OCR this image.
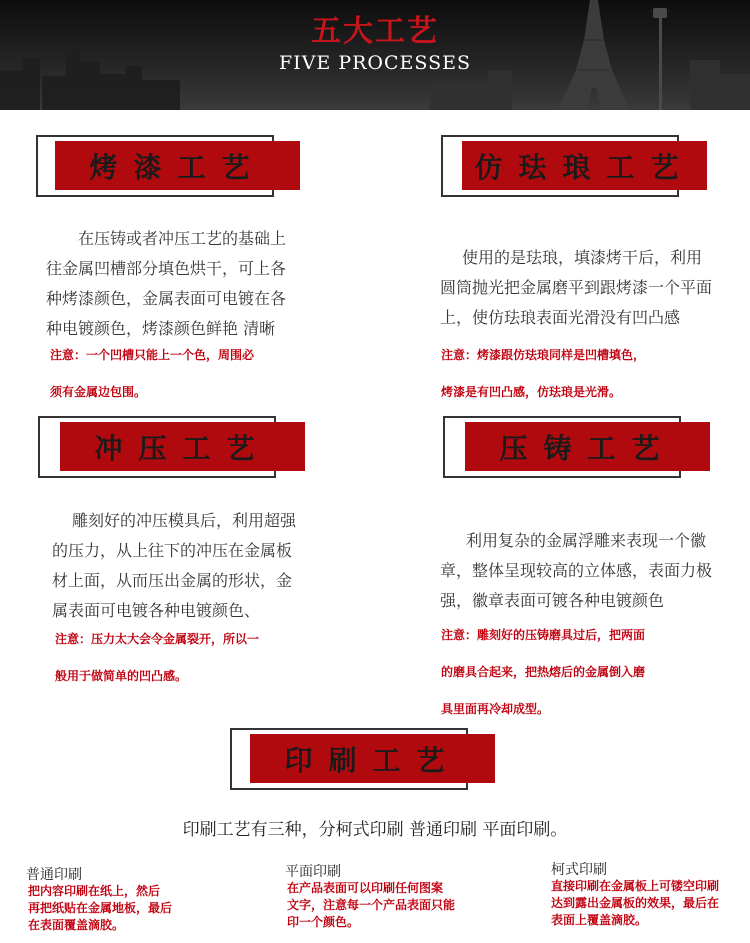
五大工艺
FIVE PROCESSES
烤漆工艺
在压铸或者冲压工艺的基础上
往金属凹槽部分填色烘干，可上各
种烤漆颜色，金属表面可电镀在各
种电镀颜色，烤漆颜色鲜艳 清晰
注意：一个凹槽只能上一个色，周围必
须有金属边包围。
仿珐琅工艺
使用的是珐琅，填漆烤干后，利用
圆筒抛光把金属磨平到跟烤漆一个平面
上，使仿珐琅表面光滑没有凹凸感
注意：烤漆跟仿珐琅同样是凹槽填色，
烤漆是有凹凸感，仿珐琅是光滑。
冲压工艺
雕刻好的冲压模具后，利用超强
的压力，从上往下的冲压在金属板
材上面，从而压出金属的形状，金
属表面可电镀各种电镀颜色、
注意：压力太大会令金属裂开，所以一
般用于做简单的凹凸感。
压铸工艺
利用复杂的金属浮雕来表现一个徽
章，整体呈现较高的立体感，表面力极
强，徽章表面可镀各种电镀颜色
注意：雕刻好的压铸磨具过后，把两面
的磨具合起来，把热熔后的金属倒入磨
具里面再冷却成型。
印刷工艺
印刷工艺有三种，分柯式印刷 普通印刷 平面印刷。
普通印刷
把内容印刷在纸上，然后
再把纸贴在金属地板，最后
在表面覆盖滴胶。
平面印刷
在产品表面可以印刷任何图案
文字，注意每一个产品表面只能
印一个颜色。
柯式印刷
直接印刷在金属板上可镂空印刷
达到露出金属板的效果，最后在
表面上覆盖滴胶。
